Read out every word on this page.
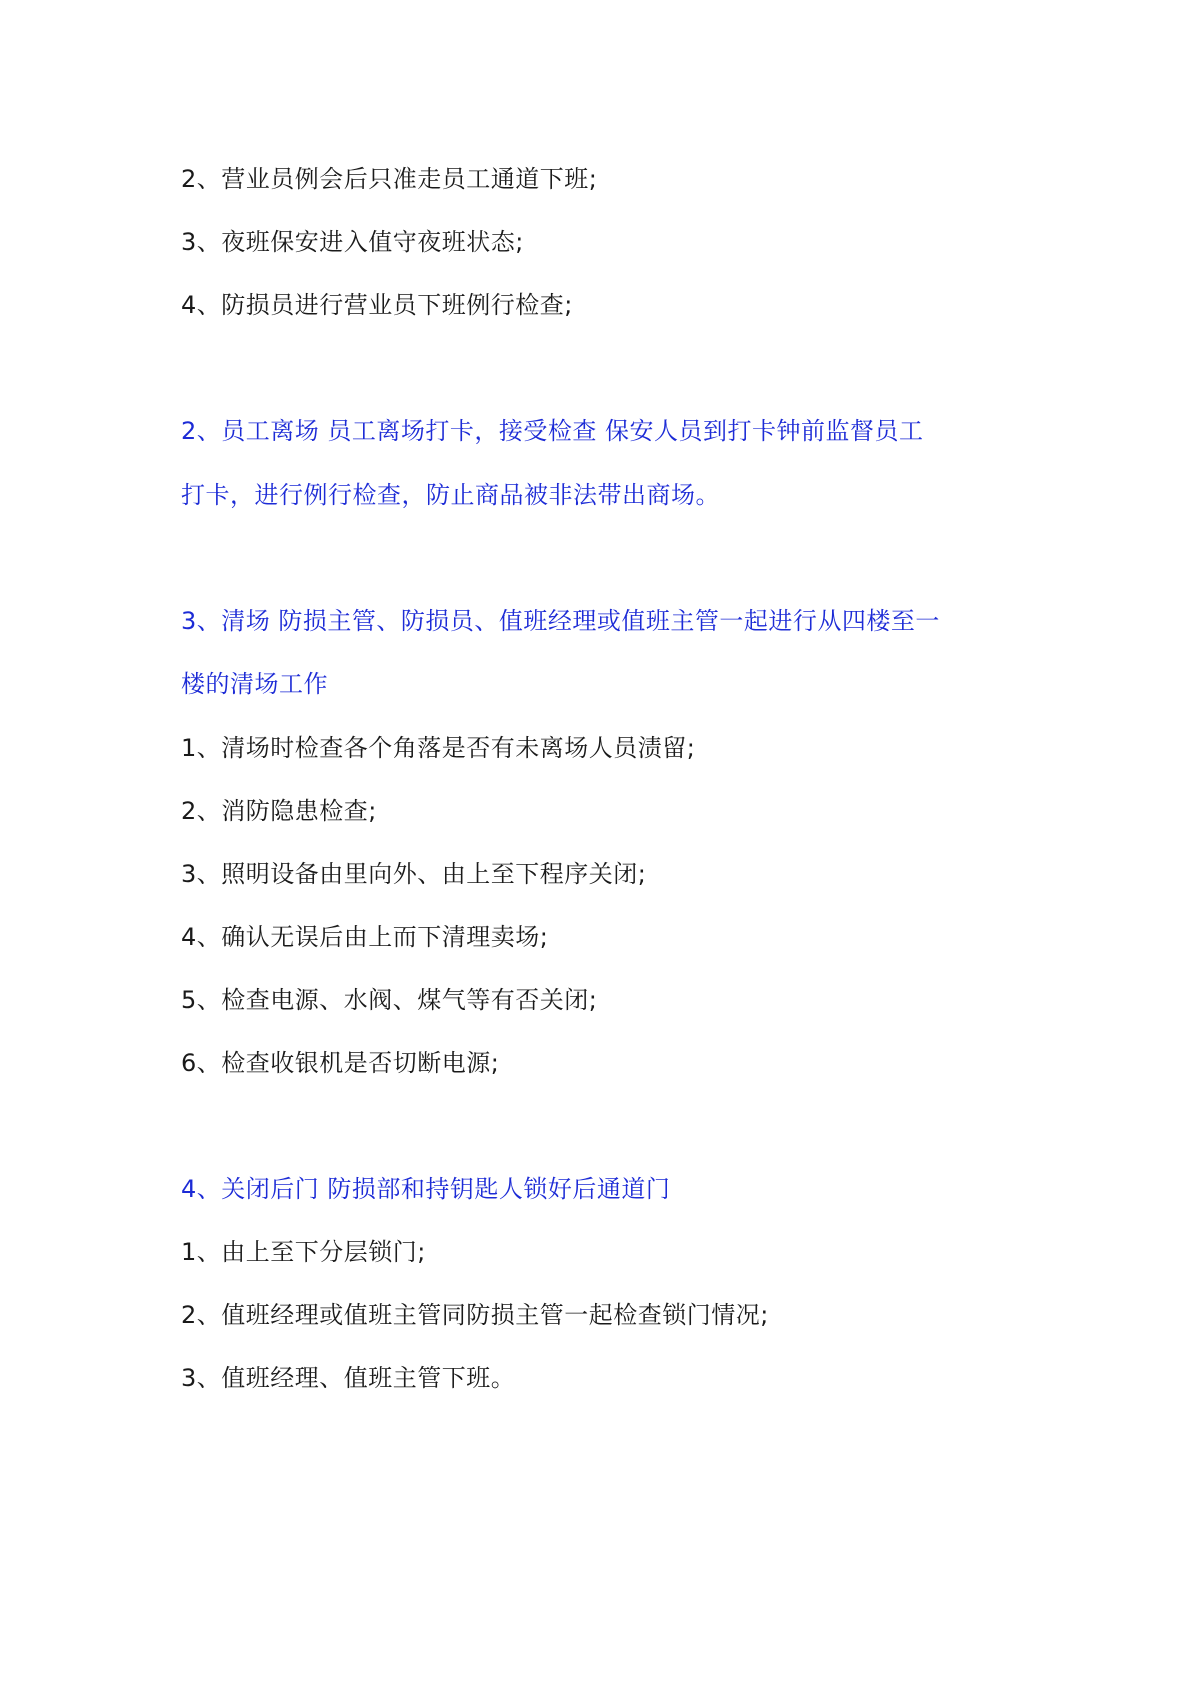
2、营业员例会后只准走员工通道下班;

3、夜班保安进入值守夜班状态;

4、防损员进行营业员下班例行检查;

2、员工离场 员工离场打卡，接受检查 保安人员到打卡钟前监督员工

打卡，进行例行检查，防止商品被非法带出商场。

3、清场 防损主管、防损员、值班经理或值班主管一起进行从四楼至一

楼的清场工作

1、清场时检查各个角落是否有未离场人员渍留;

2、消防隐患检查;

3、照明设备由里向外、由上至下程序关闭;

4、确认无误后由上而下清理卖场;

5、检查电源、水阀、煤气等有否关闭;

6、检查收银机是否切断电源;

4、关闭后门 防损部和持钥匙人锁好后通道门

1、由上至下分层锁门;

2、值班经理或值班主管同防损主管一起检查锁门情况;

3、值班经理、值班主管下班。
